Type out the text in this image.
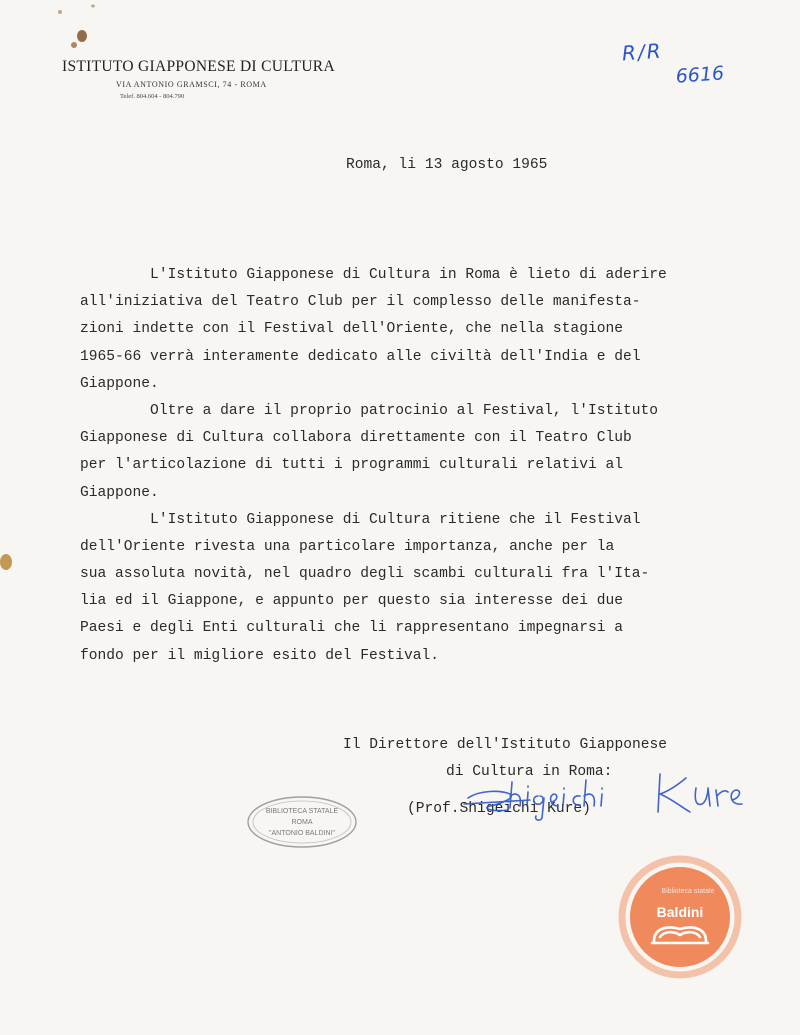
ISTITUTO GIAPPONESE DI CULTURA
VIA ANTONIO GRAMSCI, 74 - ROMA
Telef. 804.604 - 804.790
R/R
6616
Roma, li 13 agosto 1965
L'Istituto Giapponese di Cultura in Roma è lieto di aderire
all'iniziativa del Teatro Club per il complesso delle manifesta-
zioni indette con il Festival dell'Oriente, che nella stagione
1965-66 verrà interamente dedicato alle civiltà dell'India e del
Giappone.
Oltre a dare il proprio patrocinio al Festival, l'Istituto
Giapponese di Cultura collabora direttamente con il Teatro Club
per l'articolazione di tutti i programmi culturali relativi al
Giappone.
L'Istituto Giapponese di Cultura ritiene che il Festival
dell'Oriente rivesta una particolare importanza, anche per la
sua assoluta novità, nel quadro degli scambi culturali fra l'Ita-
lia ed il Giappone, e appunto per questo sia interesse dei due
Paesi e degli Enti culturali che li rappresentano impegnarsi a
fondo per il migliore esito del Festival.
Il Direttore dell'Istituto Giapponese
di Cultura in Roma:
(Prof.Shigeichi Kure)
BIBLIOTECA STATALE
ROMA
"ANTONIO BALDINI"
Biblioteca statale
Baldini
